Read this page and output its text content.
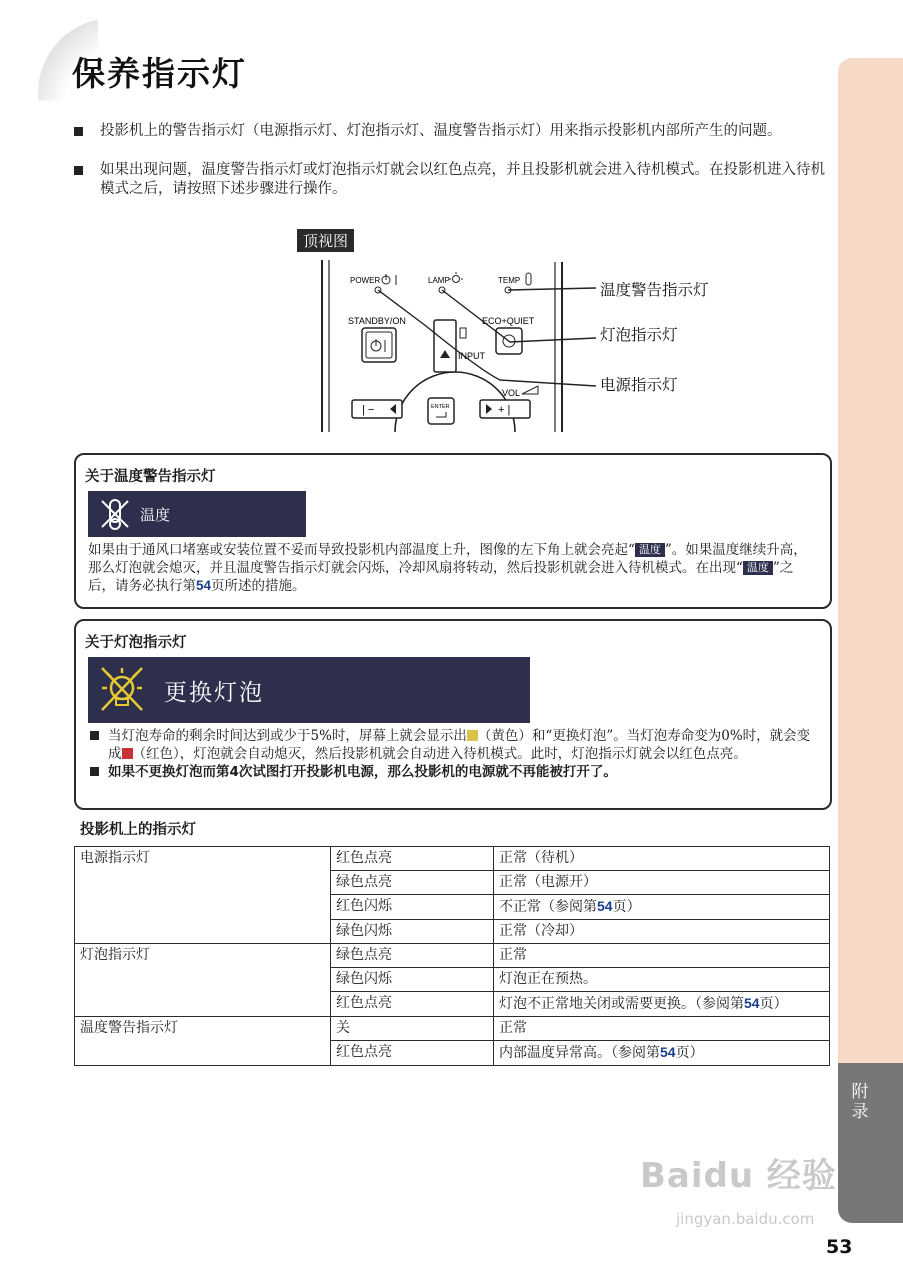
保养指示灯
附录
投影机上的警告指示灯（电源指示灯、灯泡指示灯、温度警告指示灯）用来指示投影机内部所产生的问题。
如果出现问题，温度警告指示灯或灯泡指示灯就会以红色点亮，并且投影机就会进入待机模式。在投影机进入待机模式之后，请按照下述步骤进行操作。
顶视图
POWER	LAMP	TEMP
STANDBY/ON	ECO+QUIET
INPUT
VOL
| −	ENTER	+ |
温度警告指示灯
灯泡指示灯
电源指示灯
关于温度警告指示灯
温度
如果由于通风口堵塞或安装位置不妥而导致投影机内部温度上升，图像的左下角上就会亮起“ 温度 ”。如果温度继续升高，那么灯泡就会熄灭，并且温度警告指示灯就会闪烁，冷却风扇将转动，然后投影机就会进入待机模式。在出现“ 温度 ”之后，请务必执行第54页所述的措施。
关于灯泡指示灯
更换灯泡
当灯泡寿命的剩余时间达到或少于5%时，屏幕上就会显示出 （黄色）和“更换灯泡”。当灯泡寿命变为0%时，就会变成 （红色），灯泡就会自动熄灭，然后投影机就会自动进入待机模式。此时，灯泡指示灯就会以红色点亮。
如果不更换灯泡而第4次试图打开投影机电源，那么投影机的电源就不再能被打开了。
投影机上的指示灯
电源指示灯	红色点亮	正常（待机）
	绿色点亮	正常（电源开）
	红色闪烁	不正常（参阅第54页）
	绿色闪烁	正常（冷却）
灯泡指示灯	绿色点亮	正常
	绿色闪烁	灯泡正在预热。
	红色点亮	灯泡不正常地关闭或需要更换。（参阅第54页）
温度警告指示灯	关	正常
	红色点亮	内部温度异常高。（参阅第54页）
Baidu 经验
jingyan.baidu.com
53
